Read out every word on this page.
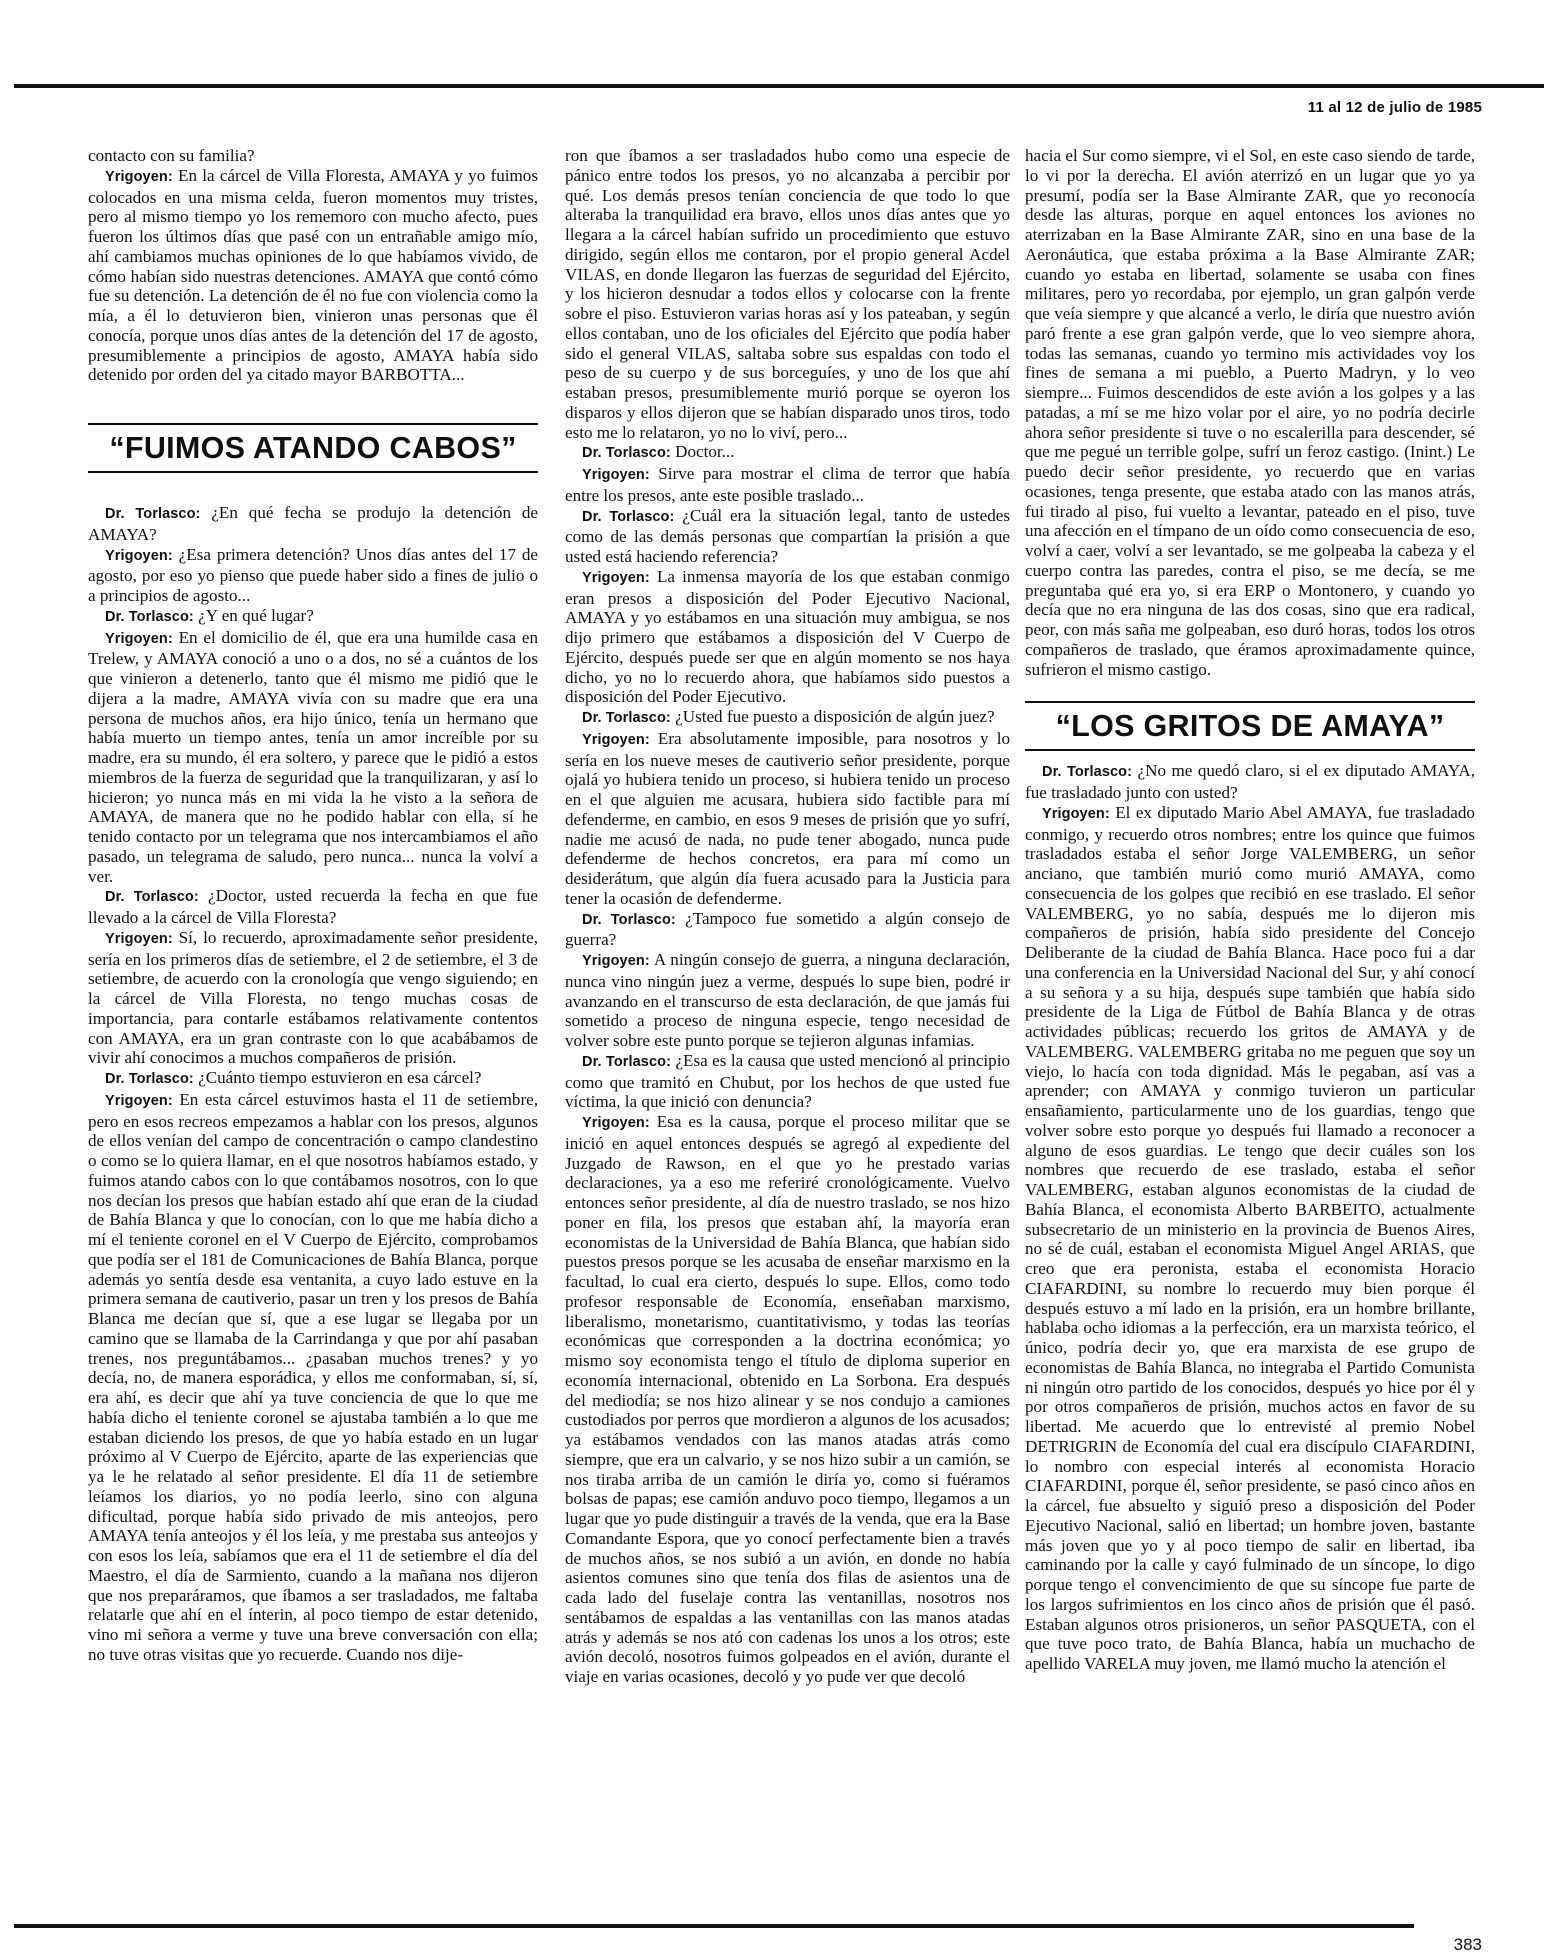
11 al 12 de julio de 1985

contacto con su familia?

Yrigoyen: En la cárcel de Villa Floresta, AMAYA y yo fuimos colocados en una misma celda, fueron momentos muy tristes, pero al mismo tiempo yo los rememoro con mucho afecto, pues fueron los últimos días que pasé con un entrañable amigo mío, ahí cambiamos muchas opiniones de lo que habíamos vivido, de cómo habían sido nuestras detenciones. AMAYA que contó cómo fue su detención. La detención de él no fue con violencia como la mía, a él lo detuvieron bien, vinieron unas personas que él conocía, porque unos días antes de la detención del 17 de agosto, presumiblemente a principios de agosto, AMAYA había sido detenido por orden del ya citado mayor BARBOTTA...

“FUIMOS ATANDO CABOS”

Dr. Torlasco: ¿En qué fecha se produjo la detención de AMAYA?

Yrigoyen: ¿Esa primera detención? Unos días antes del 17 de agosto, por eso yo pienso que puede haber sido a fines de julio o a principios de agosto...

Dr. Torlasco: ¿Y en qué lugar?

Yrigoyen: En el domicilio de él, que era una humilde casa en Trelew, y AMAYA conoció a uno o a dos, no sé a cuántos de los que vinieron a detenerlo, tanto que él mismo me pidió que le dijera a la madre, AMAYA vivía con su madre que era una persona de muchos años, era hijo único, tenía un hermano que había muerto un tiempo antes, tenía un amor increíble por su madre, era su mundo, él era soltero, y parece que le pidió a estos miembros de la fuerza de seguridad que la tranquilizaran, y así lo hicieron; yo nunca más en mi vida la he visto a la señora de AMAYA, de manera que no he podido hablar con ella, sí he tenido contacto por un telegrama que nos intercambiamos el año pasado, un telegrama de saludo, pero nunca... nunca la volví a ver.

Dr. Torlasco: ¿Doctor, usted recuerda la fecha en que fue llevado a la cárcel de Villa Floresta?

Yrigoyen: Sí, lo recuerdo, aproximadamente señor presidente, sería en los primeros días de setiembre, el 2 de setiembre, el 3 de setiembre, de acuerdo con la cronología que vengo siguiendo; en la cárcel de Villa Floresta, no tengo muchas cosas de importancia, para contarle estábamos relativamente contentos con AMAYA, era un gran contraste con lo que acabábamos de vivir ahí conocimos a muchos compañeros de prisión.

Dr. Torlasco: ¿Cuánto tiempo estuvieron en esa cárcel?

Yrigoyen: En esta cárcel estuvimos hasta el 11 de setiembre, pero en esos recreos empezamos a hablar con los presos, algunos de ellos venían del campo de concentración o campo clandestino o como se lo quiera llamar, en el que nosotros habíamos estado, y fuimos atando cabos con lo que contábamos nosotros, con lo que nos decían los presos que habían estado ahí que eran de la ciudad de Bahía Blanca y que lo conocían, con lo que me había dicho a mí el teniente coronel en el V Cuerpo de Ejército, comprobamos que podía ser el 181 de Comunicaciones de Bahía Blanca, porque además yo sentía desde esa ventanita, a cuyo lado estuve en la primera semana de cautiverio, pasar un tren y los presos de Bahía Blanca me decían que sí, que a ese lugar se llegaba por un camino que se llamaba de la Carrindanga y que por ahí pasaban trenes, nos preguntábamos... ¿pasaban muchos trenes? y yo decía, no, de manera esporádica, y ellos me conformaban, sí, sí, era ahí, es decir que ahí ya tuve conciencia de que lo que me había dicho el teniente coronel se ajustaba también a lo que me estaban diciendo los presos, de que yo había estado en un lugar próximo al V Cuerpo de Ejército, aparte de las experiencias que ya le he relatado al señor presidente. El día 11 de setiembre leíamos los diarios, yo no podía leerlo, sino con alguna dificultad, porque había sido privado de mis anteojos, pero AMAYA tenía anteojos y él los leía, y me prestaba sus anteojos y con esos los leía, sabíamos que era el 11 de setiembre el día del Maestro, el día de Sarmiento, cuando a la mañana nos dijeron que nos preparáramos, que íbamos a ser trasladados, me faltaba relatarle que ahí en el ínterin, al poco tiempo de estar detenido, vino mi señora a verme y tuve una breve conversación con ella; no tuve otras visitas que yo recuerde. Cuando nos dije-

ron que íbamos a ser trasladados hubo como una especie de pánico entre todos los presos, yo no alcanzaba a percibir por qué. Los demás presos tenían conciencia de que todo lo que alteraba la tranquilidad era bravo, ellos unos días antes que yo llegara a la cárcel habían sufrido un procedimiento que estuvo dirigido, según ellos me contaron, por el propio general Acdel VILAS, en donde llegaron las fuerzas de seguridad del Ejército, y los hicieron desnudar a todos ellos y colocarse con la frente sobre el piso. Estuvieron varias horas así y los pateaban, y según ellos contaban, uno de los oficiales del Ejército que podía haber sido el general VILAS, saltaba sobre sus espaldas con todo el peso de su cuerpo y de sus borceguíes, y uno de los que ahí estaban presos, presumiblemente murió porque se oyeron los disparos y ellos dijeron que se habían disparado unos tiros, todo esto me lo relataron, yo no lo viví, pero...

Dr. Torlasco: Doctor...

Yrigoyen: Sirve para mostrar el clima de terror que había entre los presos, ante este posible traslado...

Dr. Torlasco: ¿Cuál era la situación legal, tanto de ustedes como de las demás personas que compartían la prisión a que usted está haciendo referencia?

Yrigoyen: La inmensa mayoría de los que estaban conmigo eran presos a disposición del Poder Ejecutivo Nacional, AMAYA y yo estábamos en una situación muy ambigua, se nos dijo primero que estábamos a disposición del V Cuerpo de Ejército, después puede ser que en algún momento se nos haya dicho, yo no lo recuerdo ahora, que habíamos sido puestos a disposición del Poder Ejecutivo.

Dr. Torlasco: ¿Usted fue puesto a disposición de algún juez?

Yrigoyen: Era absolutamente imposible, para nosotros y lo sería en los nueve meses de cautiverio señor presidente, porque ojalá yo hubiera tenido un proceso, si hubiera tenido un proceso en el que alguien me acusara, hubiera sido factible para mí defenderme, en cambio, en esos 9 meses de prisión que yo sufrí, nadie me acusó de nada, no pude tener abogado, nunca pude defenderme de hechos concretos, era para mí como un desiderátum, que algún día fuera acusado para la Justicia para tener la ocasión de defenderme.

Dr. Torlasco: ¿Tampoco fue sometido a algún consejo de guerra?

Yrigoyen: A ningún consejo de guerra, a ninguna declaración, nunca vino ningún juez a verme, después lo supe bien, podré ir avanzando en el transcurso de esta declaración, de que jamás fui sometido a proceso de ninguna especie, tengo necesidad de volver sobre este punto porque se tejieron algunas infamias.

Dr. Torlasco: ¿Esa es la causa que usted mencionó al principio como que tramitó en Chubut, por los hechos de que usted fue víctima, la que inició con denuncia?

Yrigoyen: Esa es la causa, porque el proceso militar que se inició en aquel entonces después se agregó al expediente del Juzgado de Rawson, en el que yo he prestado varias declaraciones, ya a eso me referiré cronológicamente. Vuelvo entonces señor presidente, al día de nuestro traslado, se nos hizo poner en fila, los presos que estaban ahí, la mayoría eran economistas de la Universidad de Bahía Blanca, que habían sido puestos presos porque se les acusaba de enseñar marxismo en la facultad, lo cual era cierto, después lo supe. Ellos, como todo profesor responsable de Economía, enseñaban marxismo, liberalismo, monetarismo, cuantitativismo, y todas las teorías económicas que corresponden a la doctrina económica; yo mismo soy economista tengo el título de diploma superior en economía internacional, obtenido en La Sorbona. Era después del mediodía; se nos hizo alinear y se nos condujo a camiones custodiados por perros que mordieron a algunos de los acusados; ya estábamos vendados con las manos atadas atrás como siempre, que era un calvario, y se nos hizo subir a un camión, se nos tiraba arriba de un camión le diría yo, como si fuéramos bolsas de papas; ese camión anduvo poco tiempo, llegamos a un lugar que yo pude distinguir a través de la venda, que era la Base Comandante Espora, que yo conocí perfectamente bien a través de muchos años, se nos subió a un avión, en donde no había asientos comunes sino que tenía dos filas de asientos una de cada lado del fuselaje contra las ventanillas, nosotros nos sentábamos de espaldas a las ventanillas con las manos atadas atrás y además se nos ató con cadenas los unos a los otros; este avión decoló, nosotros fuimos golpeados en el avión, durante el viaje en varias ocasiones, decoló y yo pude ver que decoló

hacia el Sur como siempre, vi el Sol, en este caso siendo de tarde, lo vi por la derecha. El avión aterrizó en un lugar que yo ya presumí, podía ser la Base Almirante ZAR, que yo reconocía desde las alturas, porque en aquel entonces los aviones no aterrizaban en la Base Almirante ZAR, sino en una base de la Aeronáutica, que estaba próxima a la Base Almirante ZAR; cuando yo estaba en libertad, solamente se usaba con fines militares, pero yo recordaba, por ejemplo, un gran galpón verde que veía siempre y que alcancé a verlo, le diría que nuestro avión paró frente a ese gran galpón verde, que lo veo siempre ahora, todas las semanas, cuando yo termino mis actividades voy los fines de semana a mi pueblo, a Puerto Madryn, y lo veo siempre... Fuimos descendidos de este avión a los golpes y a las patadas, a mí se me hizo volar por el aire, yo no podría decirle ahora señor presidente si tuve o no escalerilla para descender, sé que me pegué un terrible golpe, sufrí un feroz castigo. (Inint.) Le puedo decir señor presidente, yo recuerdo que en varias ocasiones, tenga presente, que estaba atado con las manos atrás, fui tirado al piso, fui vuelto a levantar, pateado en el piso, tuve una afección en el tímpano de un oído como consecuencia de eso, volví a caer, volví a ser levantado, se me golpeaba la cabeza y el cuerpo contra las paredes, contra el piso, se me decía, se me preguntaba qué era yo, si era ERP o Montonero, y cuando yo decía que no era ninguna de las dos cosas, sino que era radical, peor, con más saña me golpeaban, eso duró horas, todos los otros compañeros de traslado, que éramos aproximadamente quince, sufrieron el mismo castigo.

“LOS GRITOS DE AMAYA”

Dr. Torlasco: ¿No me quedó claro, si el ex diputado AMAYA, fue trasladado junto con usted?

Yrigoyen: El ex diputado Mario Abel AMAYA, fue trasladado conmigo, y recuerdo otros nombres; entre los quince que fuimos trasladados estaba el señor Jorge VALEMBERG, un señor anciano, que también murió como murió AMAYA, como consecuencia de los golpes que recibió en ese traslado. El señor VALEMBERG, yo no sabía, después me lo dijeron mis compañeros de prisión, había sido presidente del Concejo Deliberante de la ciudad de Bahía Blanca. Hace poco fui a dar una conferencia en la Universidad Nacional del Sur, y ahí conocí a su señora y a su hija, después supe también que había sido presidente de la Liga de Fútbol de Bahía Blanca y de otras actividades públicas; recuerdo los gritos de AMAYA y de VALEMBERG. VALEMBERG gritaba no me peguen que soy un viejo, lo hacía con toda dignidad. Más le pegaban, así vas a aprender; con AMAYA y conmigo tuvieron un particular ensañamiento, particularmente uno de los guardias, tengo que volver sobre esto porque yo después fui llamado a reconocer a alguno de esos guardias. Le tengo que decir cuáles son los nombres que recuerdo de ese traslado, estaba el señor VALEMBERG, estaban algunos economistas de la ciudad de Bahía Blanca, el economista Alberto BARBEITO, actualmente subsecretario de un ministerio en la provincia de Buenos Aires, no sé de cuál, estaban el economista Miguel Angel ARIAS, que creo que era peronista, estaba el economista Horacio CIAFARDINI, su nombre lo recuerdo muy bien porque él después estuvo a mí lado en la prisión, era un hombre brillante, hablaba ocho idiomas a la perfección, era un marxista teórico, el único, podría decir yo, que era marxista de ese grupo de economistas de Bahía Blanca, no integraba el Partido Comunista ni ningún otro partido de los conocidos, después yo hice por él y por otros compañeros de prisión, muchos actos en favor de su libertad. Me acuerdo que lo entrevisté al premio Nobel DETRIGRIN de Economía del cual era discípulo CIAFARDINI, lo nombro con especial interés al economista Horacio CIAFARDINI, porque él, señor presidente, se pasó cinco años en la cárcel, fue absuelto y siguió preso a disposición del Poder Ejecutivo Nacional, salió en libertad; un hombre joven, bastante más joven que yo y al poco tiempo de salir en libertad, iba caminando por la calle y cayó fulminado de un síncope, lo digo porque tengo el convencimiento de que su síncope fue parte de los largos sufrimientos en los cinco años de prisión que él pasó. Estaban algunos otros prisioneros, un señor PASQUETA, con el que tuve poco trato, de Bahía Blanca, había un muchacho de apellido VARELA muy joven, me llamó mucho la atención el

383
